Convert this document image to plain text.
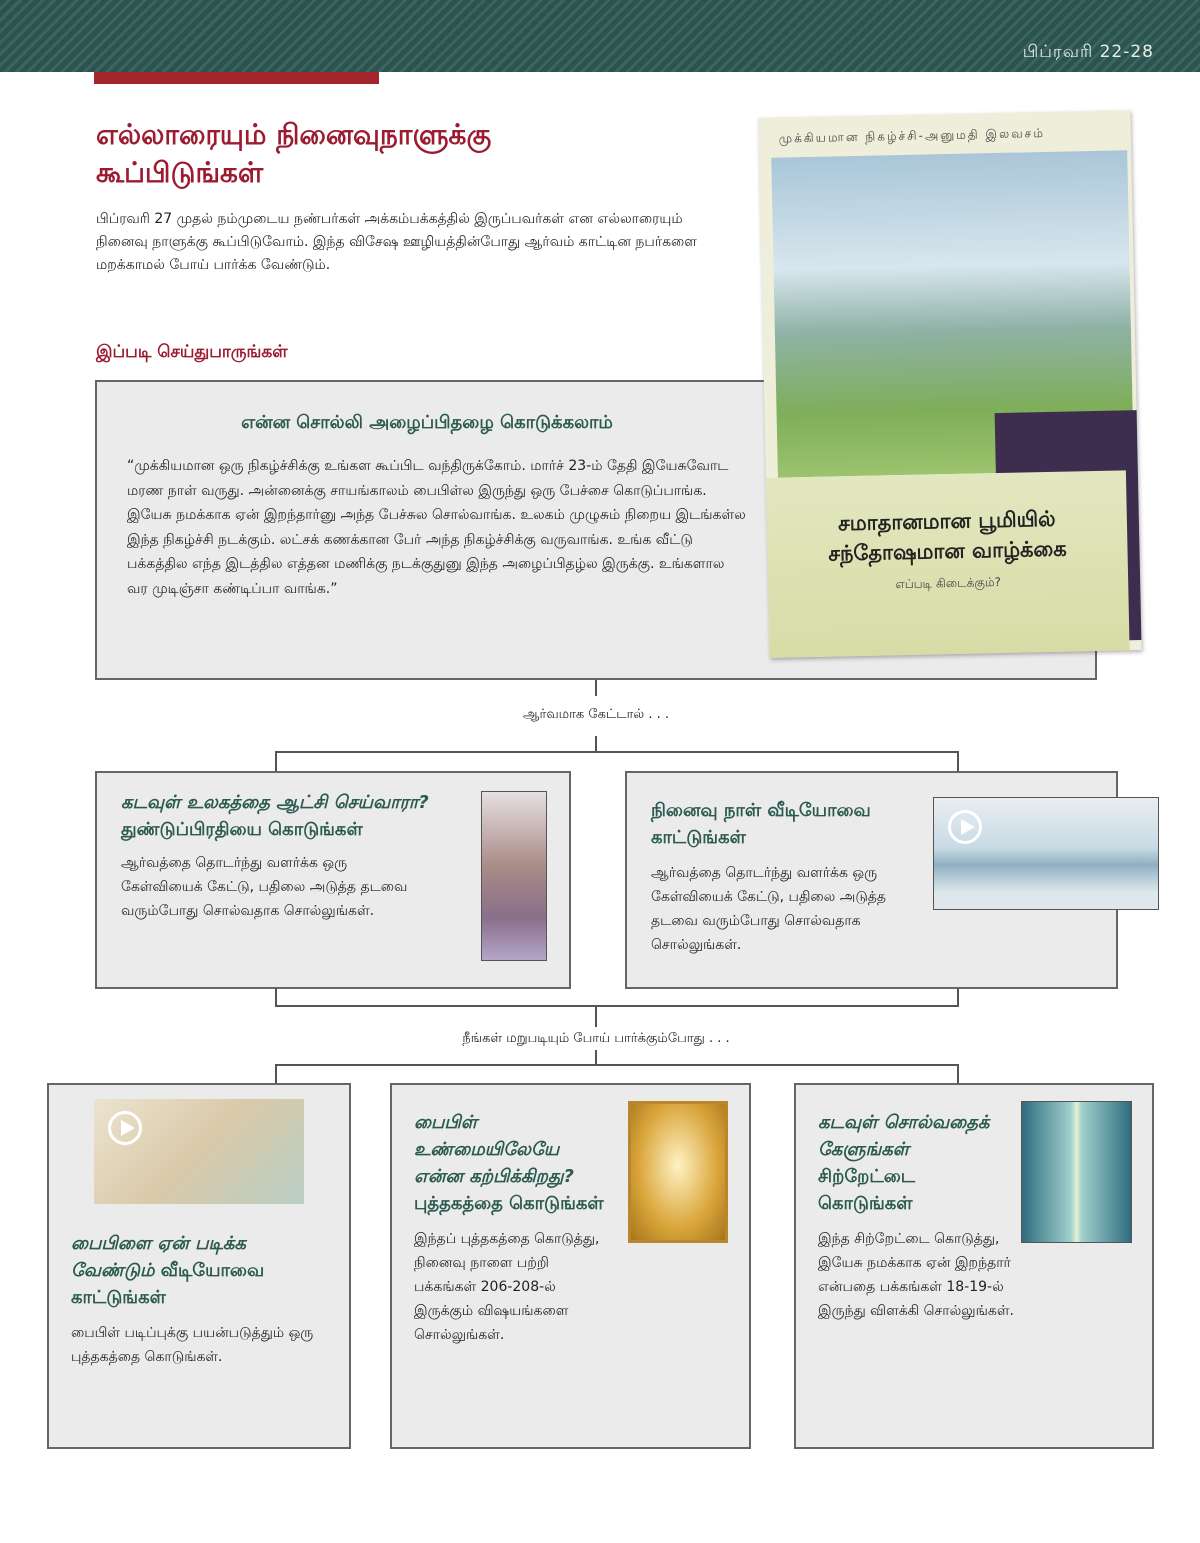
பிப்ரவரி 22-28
எல்லாரையும் நினைவுநாளுக்கு கூப்பிடுங்கள்

பிப்ரவரி 27 முதல் நம்முடைய நண்பர்கள் அக்கம்பக்கத்தில் இருப்பவர்கள் என எல்லாரையும் நினைவு நாளுக்கு கூப்பிடுவோம். இந்த விசேஷ ஊழியத்தின்போது ஆர்வம் காட்டின நபர்களை மறக்காமல் போய் பார்க்க வேண்டும்.

இப்படி செய்துபாருங்கள்
என்ன சொல்லி அழைப்பிதழை கொடுக்கலாம்

“முக்கியமான ஒரு நிகழ்ச்சிக்கு உங்கள கூப்பிட வந்திருக்கோம். மார்ச் 23-ம் தேதி இயேசுவோட மரண நாள் வருது. அன்னைக்கு சாயங்காலம் பைபிள்ல இருந்து ஒரு பேச்சை கொடுப்பாங்க. இயேசு நமக்காக ஏன் இறந்தார்னு அந்த பேச்சுல சொல்வாங்க. உலகம் முழுசும் நிறைய இடங்கள்ல இந்த நிகழ்ச்சி நடக்கும். லட்சக் கணக்கான பேர் அந்த நிகழ்ச்சிக்கு வருவாங்க. உங்க வீட்டு பக்கத்தில எந்த இடத்தில எத்தன மணிக்கு நடக்குதுனு இந்த அழைப்பிதழ்ல இருக்கு. உங்களால வர முடிஞ்சா கண்டிப்பா வாங்க.”

முக்கியமான நிகழ்ச்சி-அனுமதி இலவசம்
சமாதானமான பூமியில் சந்தோஷமான வாழ்க்கை
எப்படி கிடைக்கும்?
ஆர்வமாக கேட்டால் . . .
கடவுள் உலகத்தை ஆட்சி செய்வாரா?
துண்டுப்பிரதியை கொடுங்கள்

ஆர்வத்தை தொடர்ந்து வளர்க்க ஒரு கேள்வியைக் கேட்டு, பதிலை அடுத்த தடவை வரும்போது சொல்வதாக சொல்லுங்கள்.

நினைவு நாள் வீடியோவை காட்டுங்கள்

ஆர்வத்தை தொடர்ந்து வளர்க்க ஒரு கேள்வியைக் கேட்டு, பதிலை அடுத்த தடவை வரும்போது சொல்வதாக சொல்லுங்கள்.

நீங்கள் மறுபடியும் போய் பார்க்கும்போது . . .
பைபிளை ஏன் படிக்க வேண்டும் வீடியோவை காட்டுங்கள்

பைபிள் படிப்புக்கு பயன்படுத்தும் ஒரு புத்தகத்தை கொடுங்கள்.

பைபிள் உண்மையிலேயே என்ன கற்பிக்கிறது?
புத்தகத்தை கொடுங்கள்

இந்தப் புத்தகத்தை கொடுத்து, நினைவு நாளை பற்றி பக்கங்கள் 206-208-ல் இருக்கும் விஷயங்களை சொல்லுங்கள்.

கடவுள் சொல்வதைக் கேளுங்கள்
சிற்றேட்டை கொடுங்கள்

இந்த சிற்றேட்டை கொடுத்து, இயேசு நமக்காக ஏன் இறந்தார் என்பதை பக்கங்கள் 18-19-ல் இருந்து விளக்கி சொல்லுங்கள்.
